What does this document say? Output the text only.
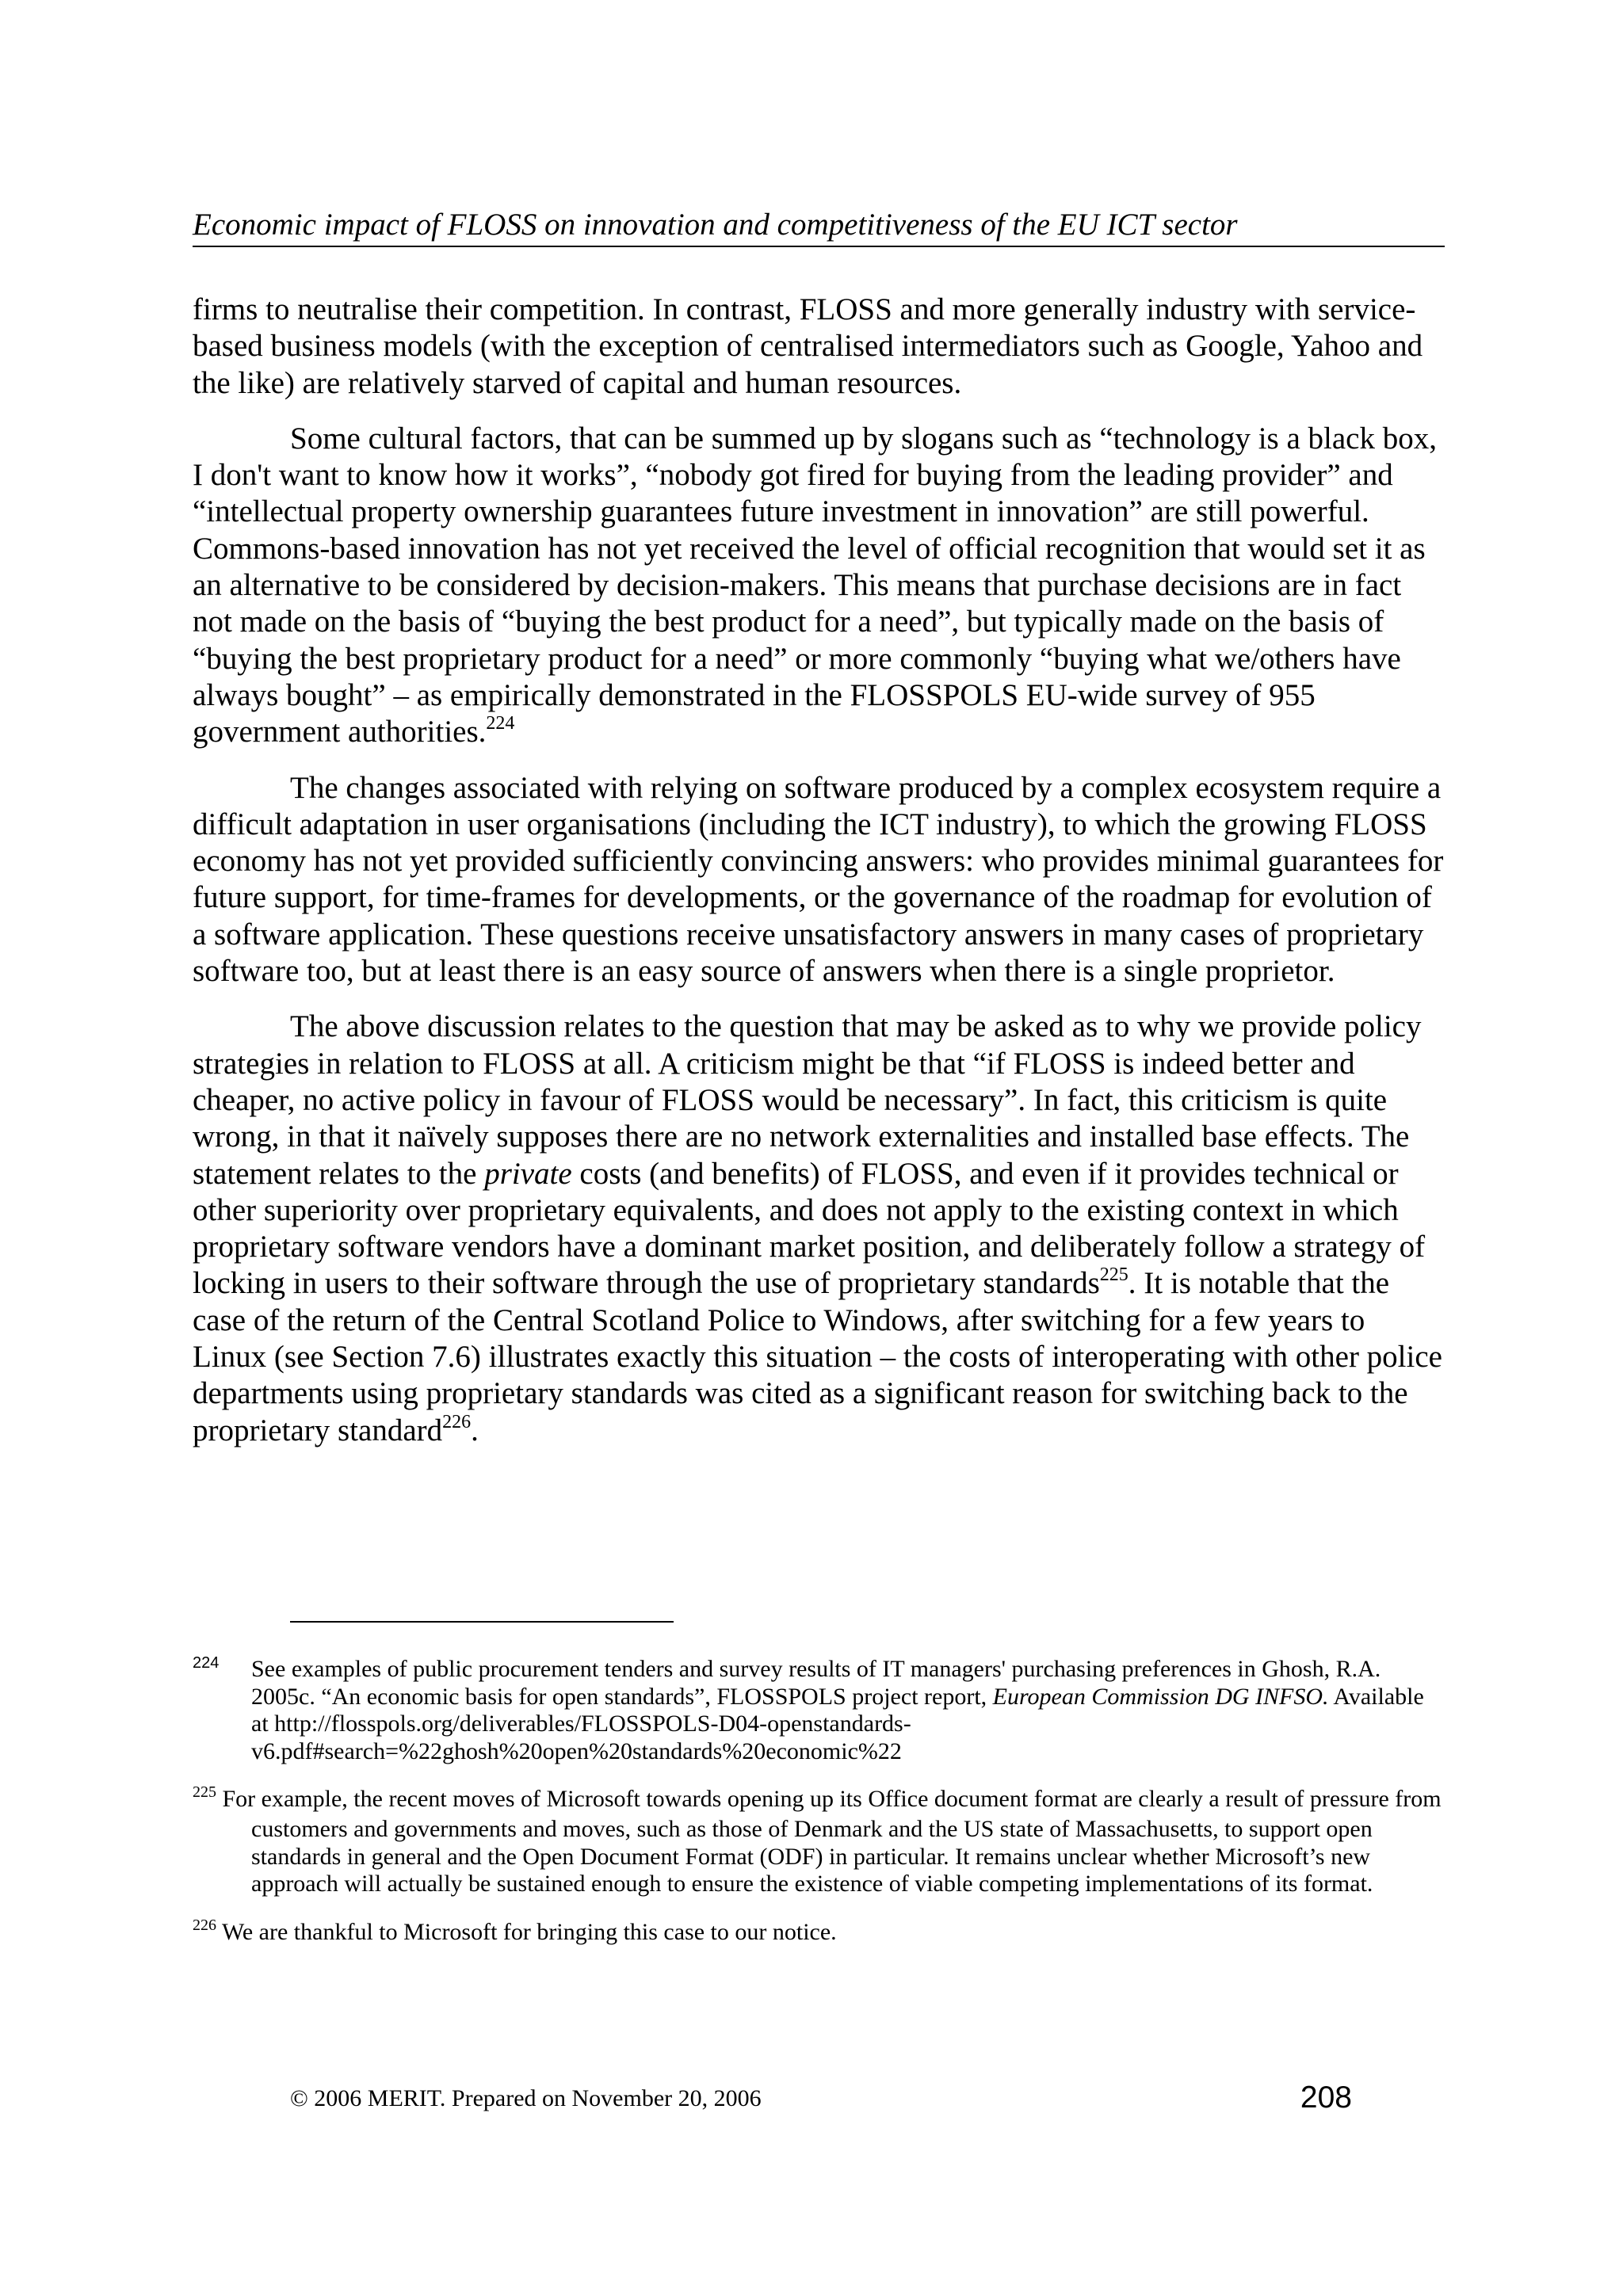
Economic impact of FLOSS on innovation and competitiveness of the EU ICT sector

firms to neutralise their competition. In contrast, FLOSS and more generally industry with service-based business models (with the exception of centralised intermediators such as Google, Yahoo and the like) are relatively starved of capital and human resources.

Some cultural factors, that can be summed up by slogans such as “technology is a black box, I don't want to know how it works”, “nobody got fired for buying from the leading provider” and “intellectual property ownership guarantees future investment in innovation” are still powerful. Commons-based innovation has not yet received the level of official recognition that would set it as an alternative to be considered by decision-makers. This means that purchase decisions are in fact not made on the basis of “buying the best product for a need”, but typically made on the basis of “buying the best proprietary product for a need” or more commonly “buying what we/others have always bought” – as empirically demonstrated in the FLOSSPOLS EU-wide survey of 955 government authorities.$^{224}$

The changes associated with relying on software produced by a complex ecosystem require a difficult adaptation in user organisations (including the ICT industry), to which the growing FLOSS economy has not yet provided sufficiently convincing answers: who provides minimal guarantees for future support, for time-frames for developments, or the governance of the roadmap for evolution of a software application. These questions receive unsatisfactory answers in many cases of proprietary software too, but at least there is an easy source of answers when there is a single proprietor.

The above discussion relates to the question that may be asked as to why we provide policy strategies in relation to FLOSS at all. A criticism might be that “if FLOSS is indeed better and cheaper, no active policy in favour of FLOSS would be necessary”. In fact, this criticism is quite wrong, in that it naïvely supposes there are no network externalities and installed base effects. The statement relates to the private costs (and benefits) of FLOSS, and even if it provides technical or other superiority over proprietary equivalents, and does not apply to the existing context in which proprietary software vendors have a dominant market position, and deliberately follow a strategy of locking in users to their software through the use of proprietary standards$^{225}$. It is notable that the case of the return of the Central Scotland Police to Windows, after switching for a few years to Linux (see Section 7.6) illustrates exactly this situation – the costs of interoperating with other police departments using proprietary standards was cited as a significant reason for switching back to the proprietary standard$^{226}$.

224 See examples of public procurement tenders and survey results of IT managers' purchasing preferences in Ghosh, R.A. 2005c. “An economic basis for open standards”, FLOSSPOLS project report, European Commission DG INFSO. Available at http://flosspols.org/deliverables/FLOSSPOLS-D04-openstandards-v6.pdf#search=%22ghosh%20open%20standards%20economic%22
$^{225}$ For example, the recent moves of Microsoft towards opening up its Office document format are clearly a result of pressure from customers and governments and moves, such as those of Denmark and the US state of Massachusetts, to support open standards in general and the Open Document Format (ODF) in particular. It remains unclear whether Microsoft’s new approach will actually be sustained enough to ensure the existence of viable competing implementations of its format.
$^{226}$ We are thankful to Microsoft for bringing this case to our notice.
© 2006 MERIT. Prepared on November 20, 2006	208
